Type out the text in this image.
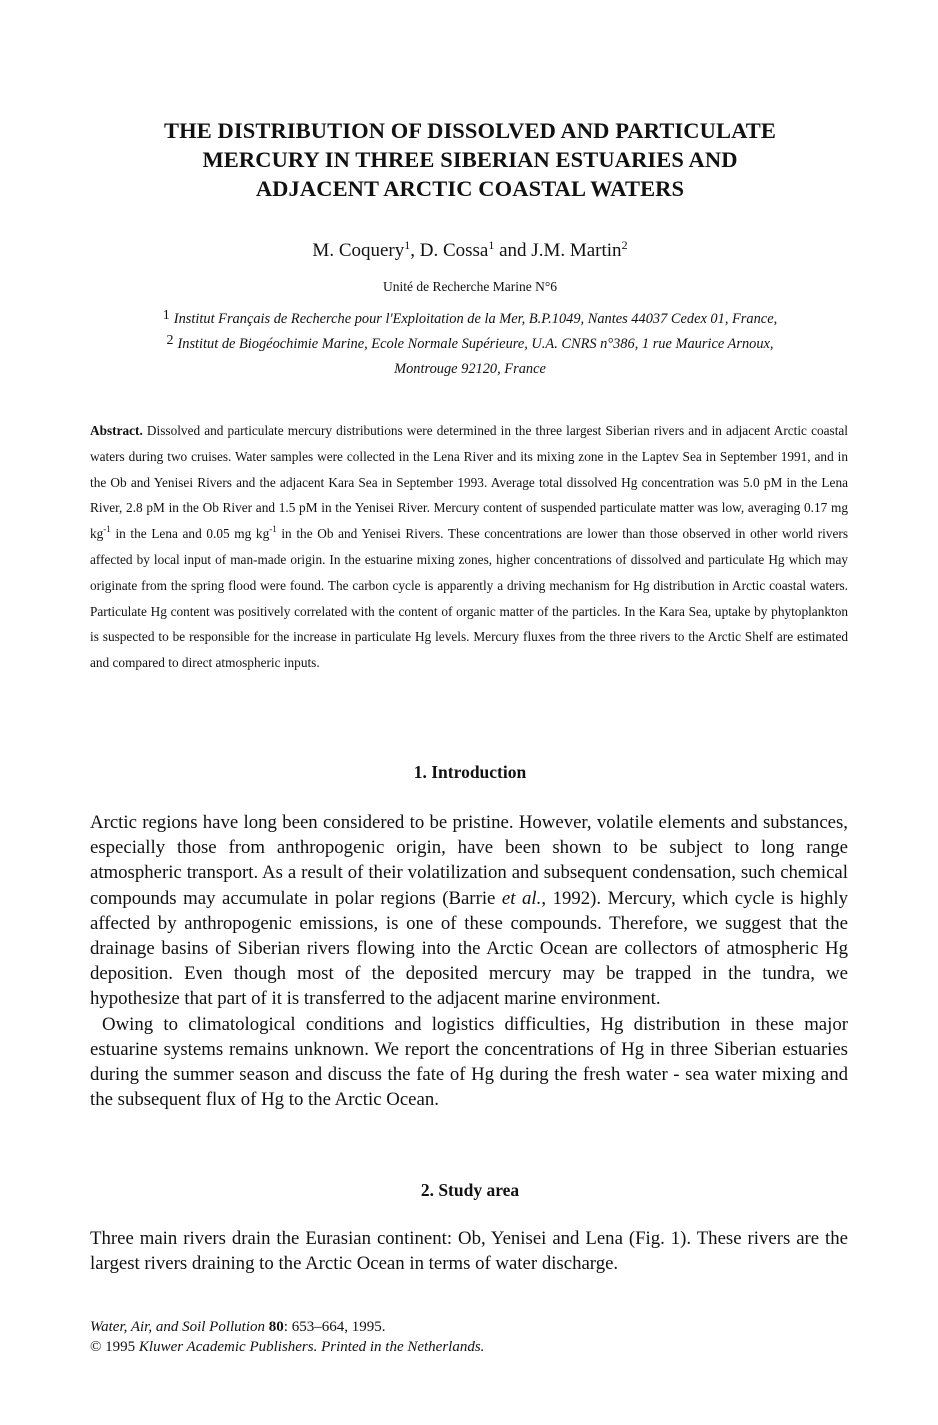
THE DISTRIBUTION OF DISSOLVED AND PARTICULATE
MERCURY IN THREE SIBERIAN ESTUARIES AND
ADJACENT ARCTIC COASTAL WATERS
M. Coquery$^1$, D. Cossa$^1$ and J.M. Martin$^2$
Unité de Recherche Marine N°6
$^1$ Institut Français de Recherche pour l'Exploitation de la Mer, B.P.1049, Nantes 44037 Cedex 01, France,
$^2$ Institut de Biogéochimie Marine, Ecole Normale Supérieure, U.A. CNRS n°386, 1 rue Maurice Arnoux,
Montrouge 92120, France
Abstract. Dissolved and particulate mercury distributions were determined in the three largest Siberian rivers and in adjacent Arctic coastal waters during two cruises. Water samples were collected in the Lena River and its mixing zone in the Laptev Sea in September 1991, and in the Ob and Yenisei Rivers and the adjacent Kara Sea in September 1993. Average total dissolved Hg concentration was 5.0 pM in the Lena River, 2.8 pM in the Ob River and 1.5 pM in the Yenisei River. Mercury content of suspended particulate matter was low, averaging 0.17 mg $kg^{-1}$ in the Lena and 0.05 mg $kg^{-1}$ in the Ob and Yenisei Rivers. These concentrations are lower than those observed in other world rivers affected by local input of man-made origin. In the estuarine mixing zones, higher concentrations of dissolved and particulate Hg which may originate from the spring flood were found. The carbon cycle is apparently a driving mechanism for Hg distribution in Arctic coastal waters. Particulate Hg content was positively correlated with the content of organic matter of the particles. In the Kara Sea, uptake by phytoplankton is suspected to be responsible for the increase in particulate Hg levels. Mercury fluxes from the three rivers to the Arctic Shelf are estimated and compared to direct atmospheric inputs.
1. Introduction

Arctic regions have long been considered to be pristine. However, volatile elements and substances, especially those from anthropogenic origin, have been shown to be subject to long range atmospheric transport. As a result of their volatilization and subsequent condensation, such chemical compounds may accumulate in polar regions (Barrie et al., 1992). Mercury, which cycle is highly affected by anthropogenic emissions, is one of these compounds. Therefore, we suggest that the drainage basins of Siberian rivers flowing into the Arctic Ocean are collectors of atmospheric Hg deposition. Even though most of the deposited mercury may be trapped in the tundra, we hypothesize that part of it is transferred to the adjacent marine environment.

Owing to climatological conditions and logistics difficulties, Hg distribution in these major estuarine systems remains unknown. We report the concentrations of Hg in three Siberian estuaries during the summer season and discuss the fate of Hg during the fresh water - sea water mixing and the subsequent flux of Hg to the Arctic Ocean.

2. Study area

Three main rivers drain the Eurasian continent: Ob, Yenisei and Lena (Fig. 1). These rivers are the largest rivers draining to the Arctic Ocean in terms of water discharge.

Water, Air, and Soil Pollution 80: 653–664, 1995.
© 1995 Kluwer Academic Publishers. Printed in the Netherlands.
